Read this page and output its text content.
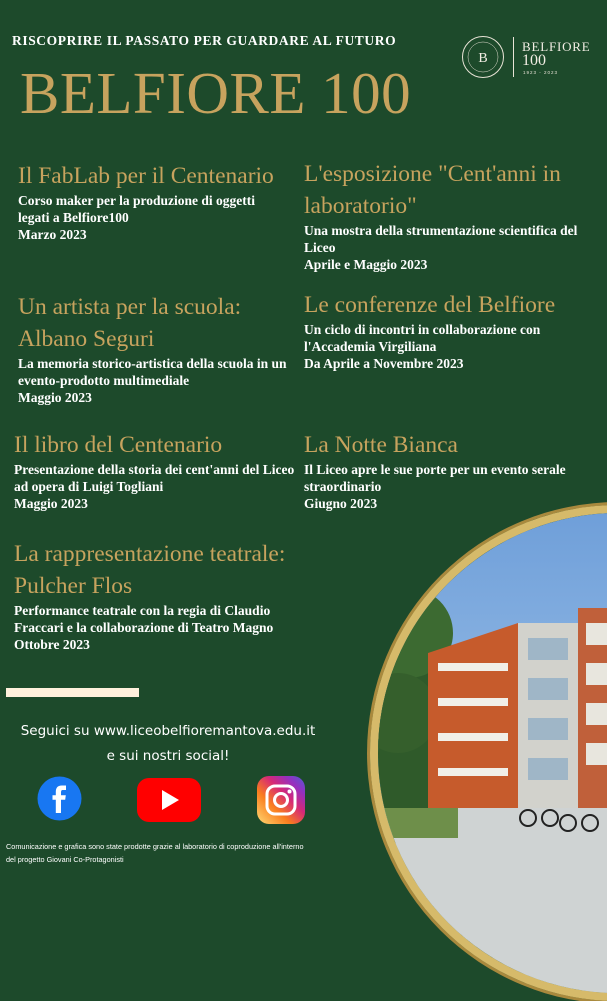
RISCOPRIRE IL PASSATO PER GUARDARE AL FUTURO
BELFIORE 100
B
BELFIORE
100
1923 - 2023
Il FabLab per il Centenario

Corso maker per la produzione di oggetti legati a Belfiore100

Marzo 2023

Un artista per la scuola: Albano Seguri

La memoria storico-artistica della scuola in un evento-prodotto multimediale

Maggio 2023

Il libro del Centenario

Presentazione della storia dei cent'anni del Liceo ad opera di Luigi Togliani

Maggio 2023

La rappresentazione teatrale: Pulcher Flos

Performance teatrale con la regia di Claudio Fraccari e la collaborazione di Teatro Magno

Ottobre 2023

L'esposizione "Cent'anni in laboratorio"

Una mostra della strumentazione scientifica del Liceo

Aprile e Maggio 2023

Le conferenze del Belfiore

Un ciclo di incontri in collaborazione con l'Accademia Virgiliana

Da Aprile a Novembre 2023

La Notte Bianca

Il Liceo apre le sue porte per un evento serale straordinario

Giugno 2023

Seguici su www.liceobelfioremantova.edu.it
e sui nostri social!
Comunicazione e grafica sono state prodotte grazie al laboratorio di coproduzione all'interno
del progetto Giovani Co-Protagonisti
